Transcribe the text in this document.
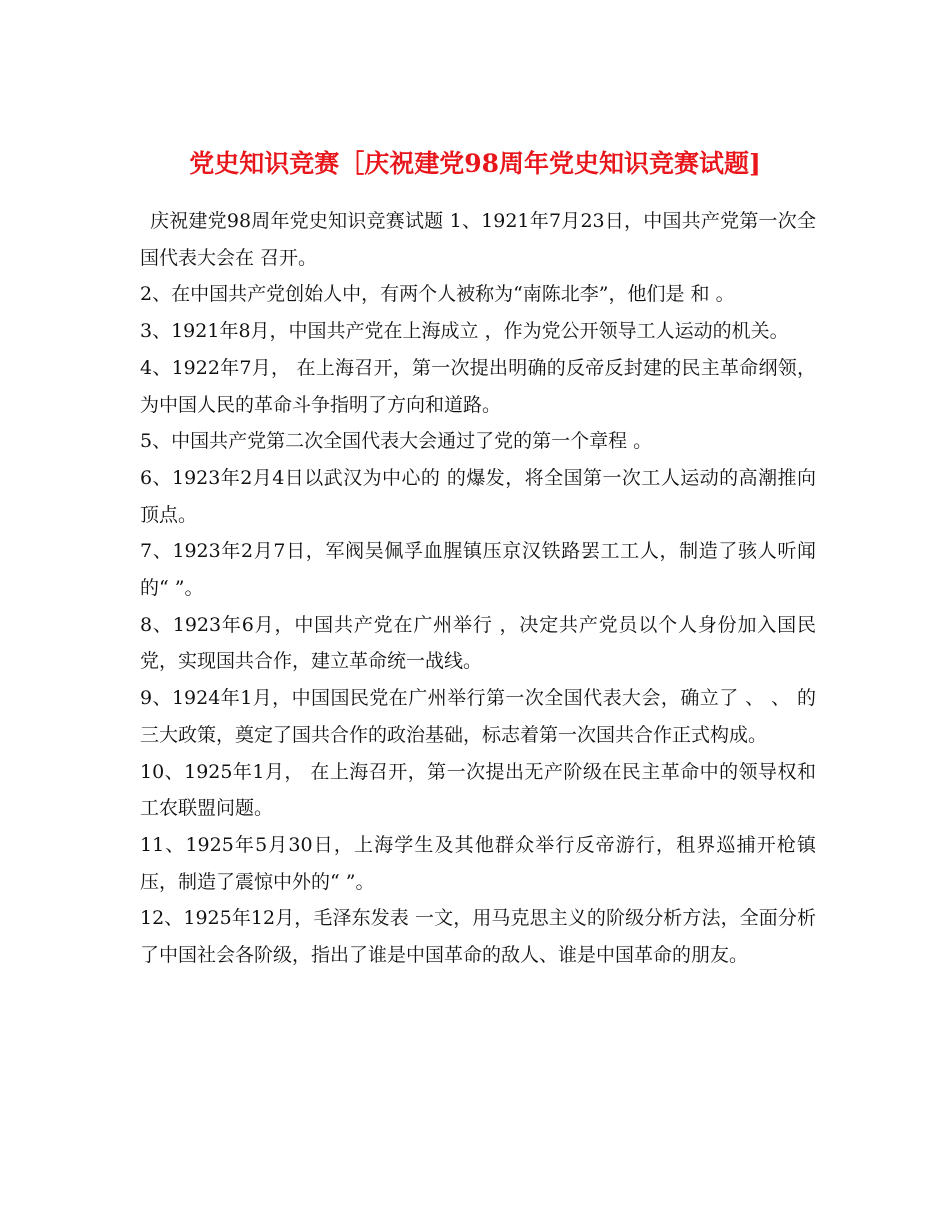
党史知识竞赛［庆祝建党98周年党史知识竞赛试题]

庆祝建党98周年党史知识竞赛试题 1、1921年7月23日，中国共产党第一次全国代表大会在 召开。

2、在中国共产党创始人中，有两个人被称为“南陈北李”，他们是 和 。

3、1921年8月，中国共产党在上海成立 ，作为党公开领导工人运动的机关。

4、1922年7月， 在上海召开，第一次提出明确的反帝反封建的民主革命纲领，为中国人民的革命斗争指明了方向和道路。

5、中国共产党第二次全国代表大会通过了党的第一个章程 。

6、1923年2月4日以武汉为中心的 的爆发，将全国第一次工人运动的高潮推向顶点。

7、1923年2月7日，军阀吴佩孚血腥镇压京汉铁路罢工工人，制造了骇人听闻的“ ”。

8、1923年6月，中国共产党在广州举行 ，决定共产党员以个人身份加入国民党，实现国共合作，建立革命统一战线。

9、1924年1月，中国国民党在广州举行第一次全国代表大会，确立了 、 、 的三大政策，奠定了国共合作的政治基础，标志着第一次国共合作正式构成。

10、1925年1月， 在上海召开，第一次提出无产阶级在民主革命中的领导权和工农联盟问题。

11、1925年5月30日，上海学生及其他群众举行反帝游行，租界巡捕开枪镇压，制造了震惊中外的“ ”。

12、1925年12月，毛泽东发表 一文，用马克思主义的阶级分析方法，全面分析了中国社会各阶级，指出了谁是中国革命的敌人、谁是中国革命的朋友。
